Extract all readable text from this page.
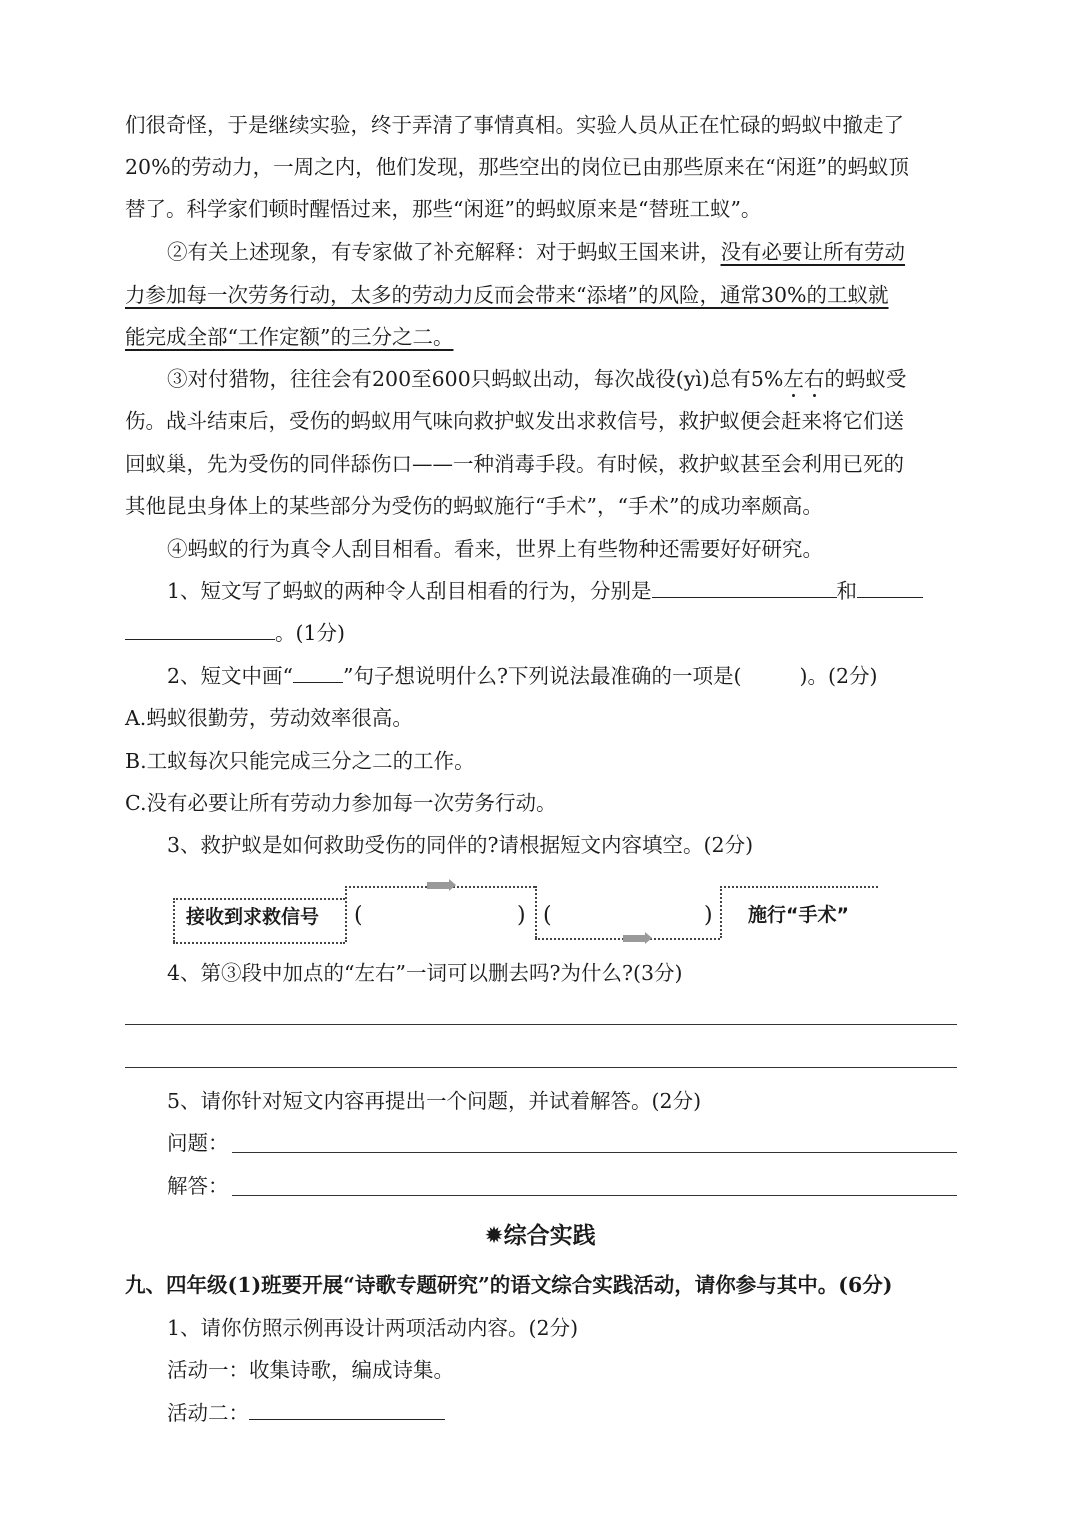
们很奇怪，于是继续实验，终于弄清了事情真相。实验人员从正在忙碌的蚂蚁中撤走了
20%的劳动力，一周之内，他们发现，那些空出的岗位已由那些原来在“闲逛”的蚂蚁顶
替了。科学家们顿时醒悟过来，那些“闲逛”的蚂蚁原来是“替班工蚁”。
②有关上述现象，有专家做了补充解释：对于蚂蚁王国来讲，没有必要让所有劳动
力参加每一次劳务行动，太多的劳动力反而会带来“添堵”的风险，通常30%的工蚁就
能完成全部“工作定额”的三分之二。
③对付猎物，往往会有200至600只蚂蚁出动，每次战役(yì)总有5%左右的蚂蚁受
伤。战斗结束后，受伤的蚂蚁用气味向救护蚁发出求救信号，救护蚁便会赶来将它们送
回蚁巢，先为受伤的同伴舔伤口——一种消毒手段。有时候，救护蚁甚至会利用已死的
其他昆虫身体上的某些部分为受伤的蚂蚁施行“手术”，“手术”的成功率颇高。
④蚂蚁的行为真令人刮目相看。看来，世界上有些物种还需要好好研究。
1、短文写了蚂蚁的两种令人刮目相看的行为，分别是	和
。(1分)
2、短文中画“ ”句子想说明什么?下列说法最准确的一项是(	)。(2分)
A.蚂蚁很勤劳，劳动效率很高。
B.工蚁每次只能完成三分之二的工作。
C.没有必要让所有劳动力参加每一次劳务行动。
3、救护蚁是如何救助受伤的同伴的?请根据短文内容填空。(2分)
接收到求救信号 (	) (	) 施行“手术”
4、第③段中加点的“左右”一词可以删去吗?为什么?(3分)
5、请你针对短文内容再提出一个问题，并试着解答。(2分)
问题：
解答：
✹综合实践
九、四年级(1)班要开展“诗歌专题研究”的语文综合实践活动，请你参与其中。(6分)
1、请你仿照示例再设计两项活动内容。(2分)
活动一：收集诗歌，编成诗集。
活动二：
